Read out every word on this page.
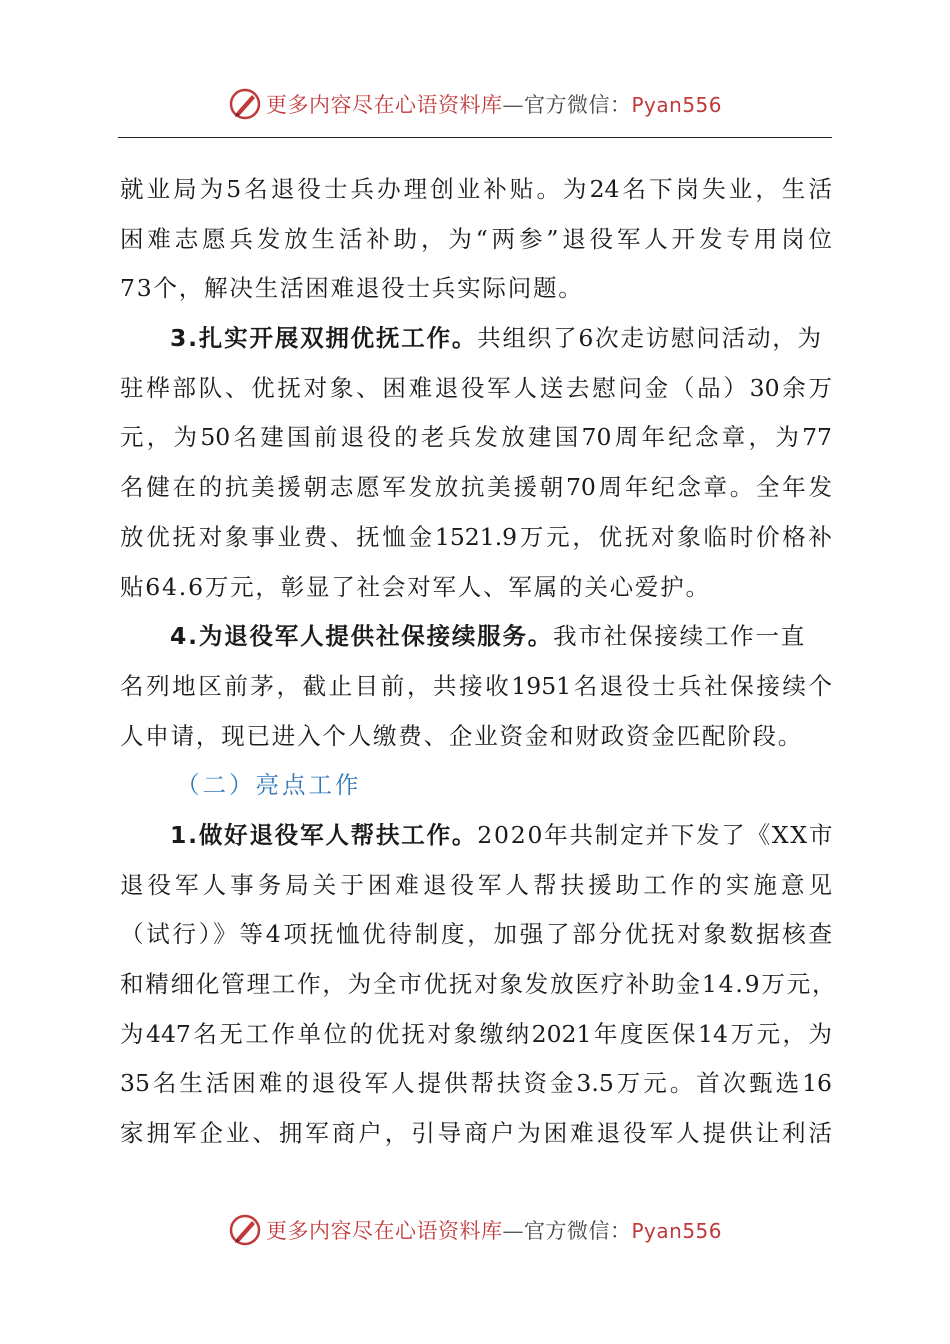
更多内容尽在心语资料库—官方微信：Pyan556
就业局为5名退役士兵办理创业补贴。为24名下岗失业，生活
困难志愿兵发放生活补助，为“两参”退役军人开发专用岗位
73个，解决生活困难退役士兵实际问题。
3.扎实开展双拥优抚工作。共组织了6次走访慰问活动，为
驻桦部队、优抚对象、困难退役军人送去慰问金（品）30余万
元，为50名建国前退役的老兵发放建国70周年纪念章，为77
名健在的抗美援朝志愿军发放抗美援朝70周年纪念章。全年发
放优抚对象事业费、抚恤金1521.9万元，优抚对象临时价格补
贴64.6万元，彰显了社会对军人、军属的关心爱护。
4.为退役军人提供社保接续服务。我市社保接续工作一直
名列地区前茅，截止目前，共接收1951名退役士兵社保接续个
人申请，现已进入个人缴费、企业资金和财政资金匹配阶段。
（二）亮点工作
1.做好退役军人帮扶工作。2020年共制定并下发了《XX市
退役军人事务局关于困难退役军人帮扶援助工作的实施意见
（试行）》等4项抚恤优待制度，加强了部分优抚对象数据核查
和精细化管理工作，为全市优抚对象发放医疗补助金14.9万元，
为447名无工作单位的优抚对象缴纳2021年度医保14万元，为
35名生活困难的退役军人提供帮扶资金3.5万元。首次甄选16
家拥军企业、拥军商户，引导商户为困难退役军人提供让利活
更多内容尽在心语资料库—官方微信：Pyan556
